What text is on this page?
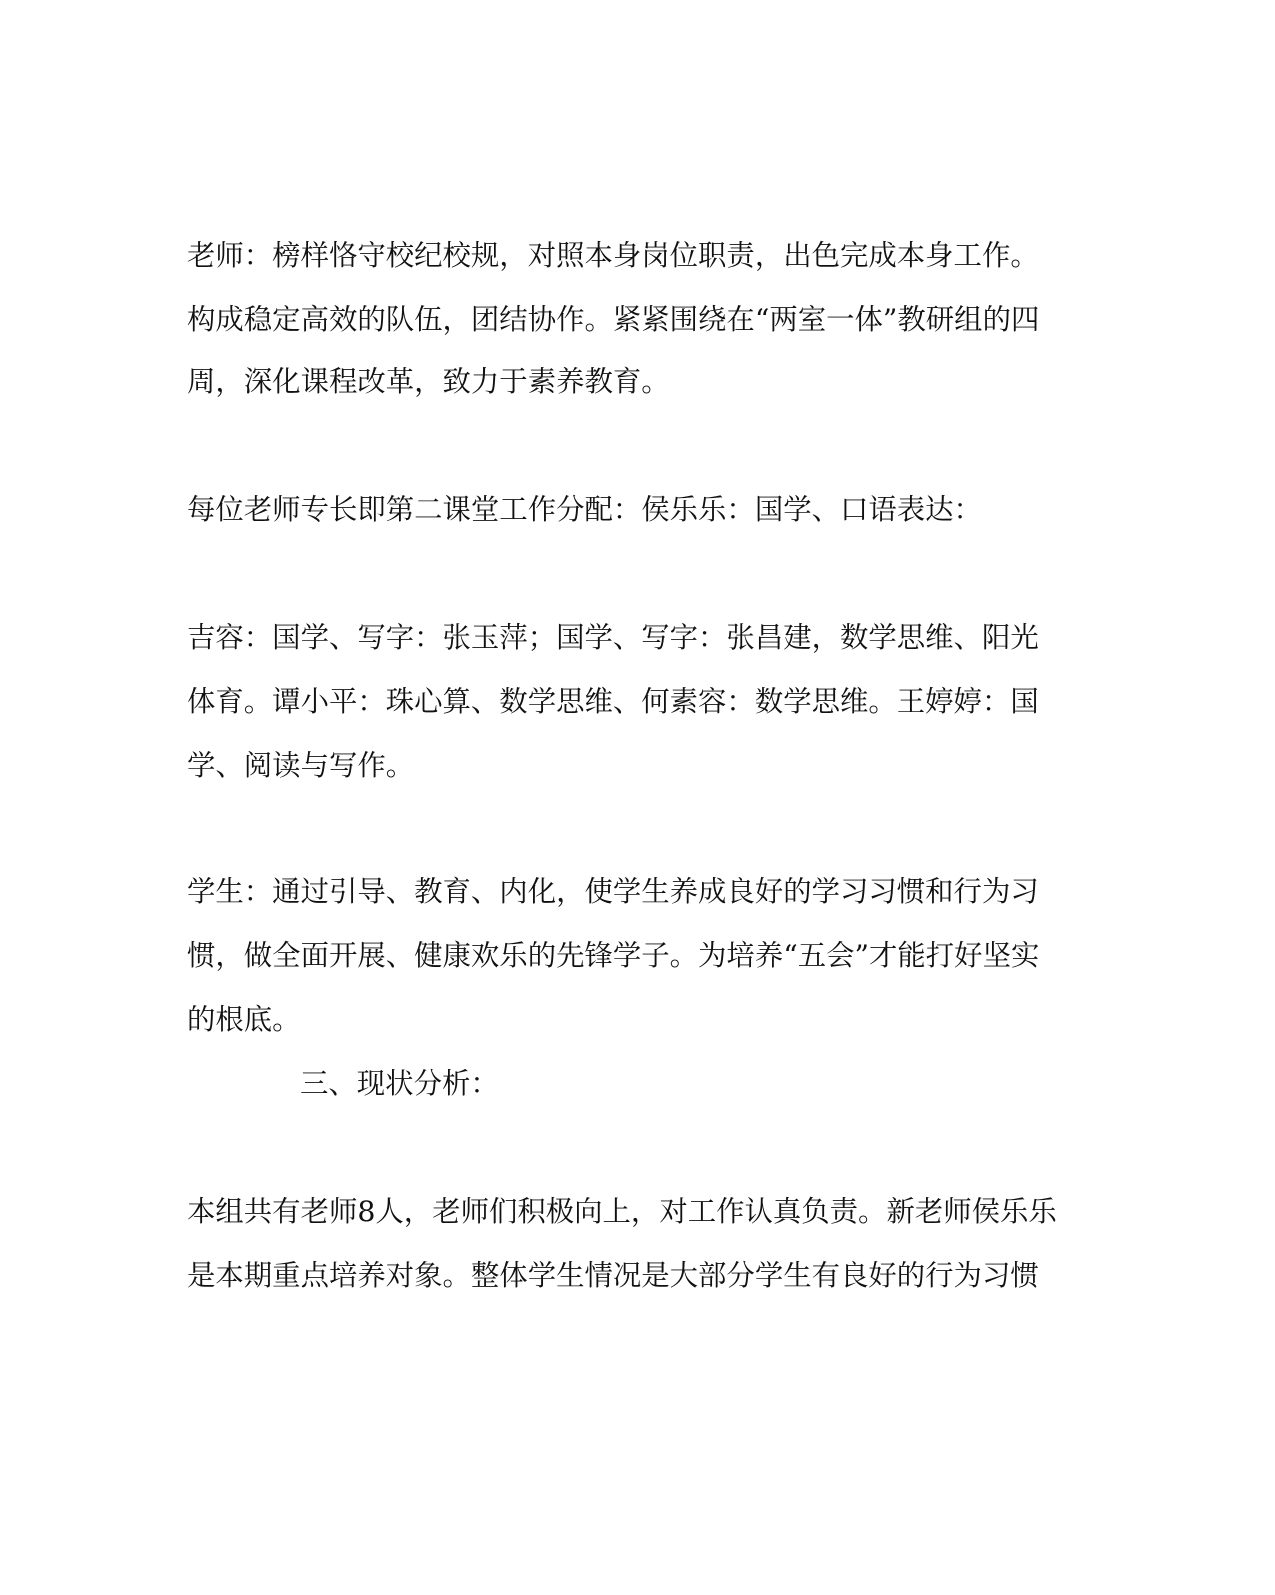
老师：榜样恪守校纪校规，对照本身岗位职责，出色完成本身工作。
构成稳定高效的队伍，团结协作。紧紧围绕在“两室一体”教研组的四
周，深化课程改革，致力于素养教育。
每位老师专长即第二课堂工作分配：侯乐乐：国学、口语表达：
吉容：国学、写字：张玉萍；国学、写字：张昌建，数学思维、阳光
体育。谭小平：珠心算、数学思维、何素容：数学思维。王婷婷：国
学、阅读与写作。
学生：通过引导、教育、内化，使学生养成良好的学习习惯和行为习
惯，做全面开展、健康欢乐的先锋学子。为培养“五会”才能打好坚实
的根底。
三、现状分析：
本组共有老师8人，老师们积极向上，对工作认真负责。新老师侯乐乐
是本期重点培养对象。整体学生情况是大部分学生有良好的行为习惯
